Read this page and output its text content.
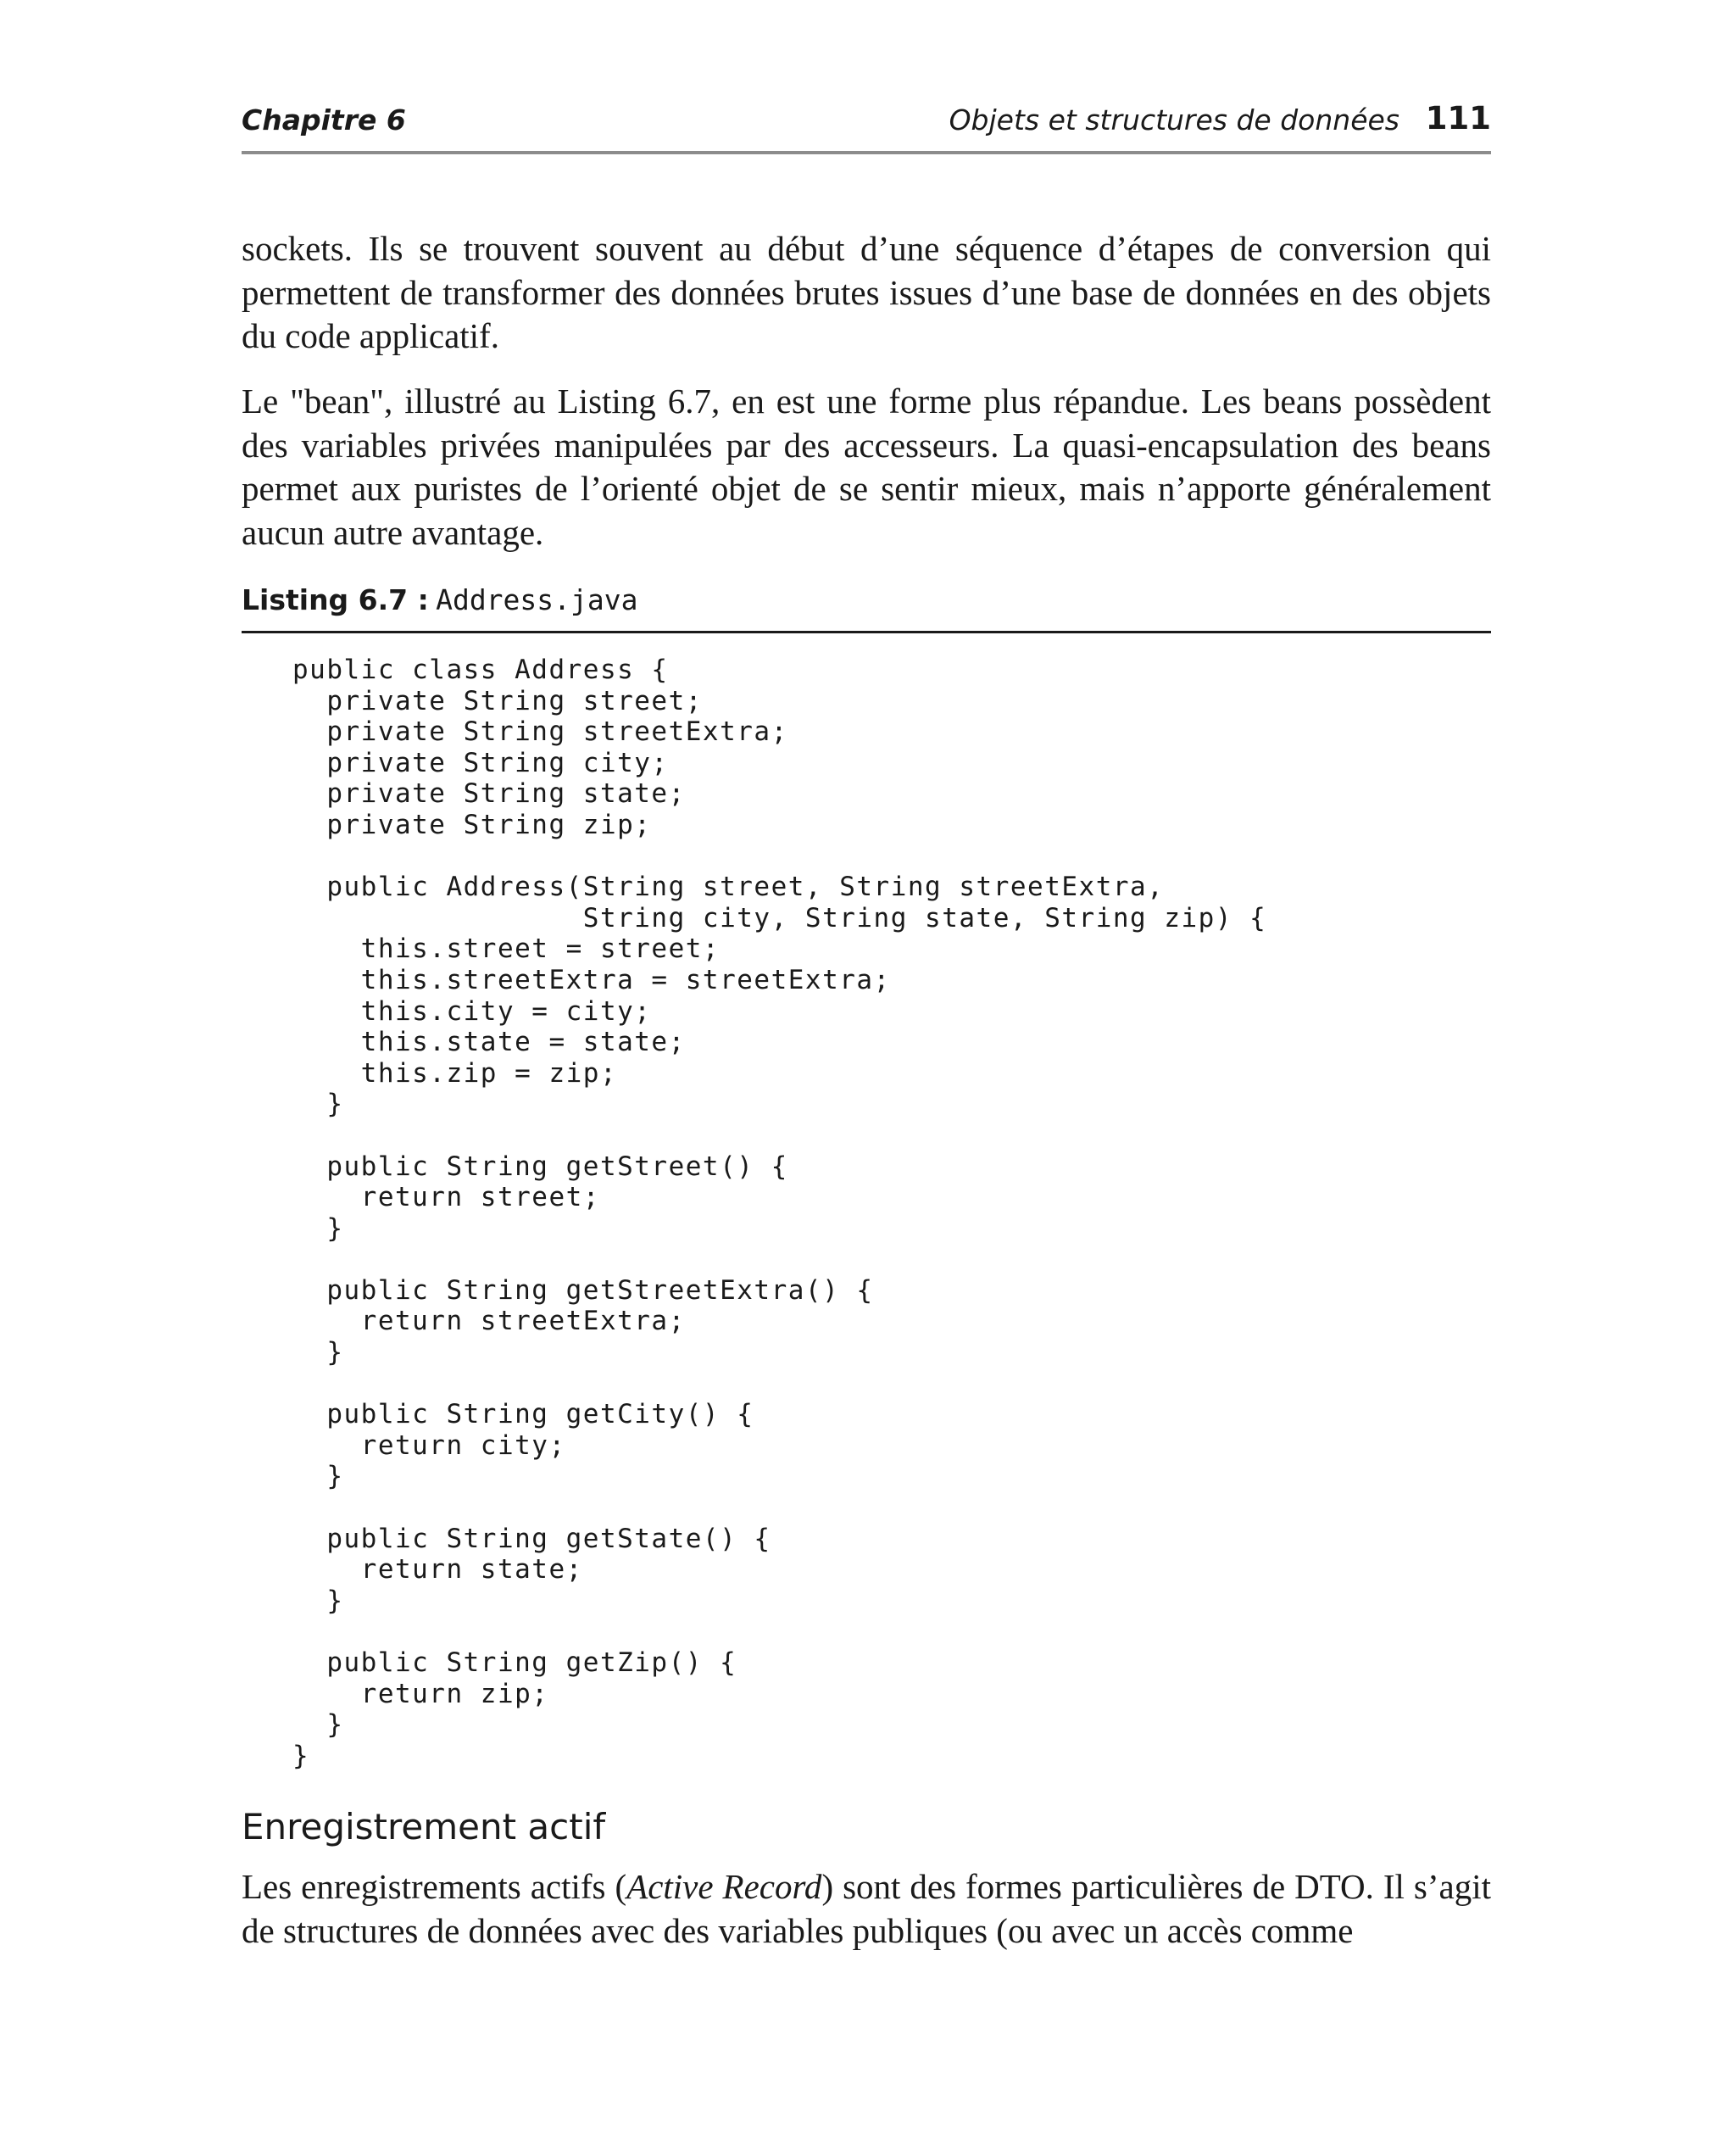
Chapitre 6	Objets et structures de données 111

sockets. Ils se trouvent souvent au début d’une séquence d’étapes de conversion qui permettent de transformer des données brutes issues d’une base de données en des objets du code applicatif.

Le "bean", illustré au Listing 6.7, en est une forme plus répandue. Les beans possèdent des variables privées manipulées par des accesseurs. La quasi-encapsulation des beans permet aux puristes de l’orienté objet de se sentir mieux, mais n’apporte généralement aucun autre avantage.

Listing 6.7 : Address.java
public class Address {
private String street;
private String streetExtra;
private String city;
private String state;
private String zip;

public Address(String street, String streetExtra,
String city, String state, String zip) {
this.street = street;
this.streetExtra = streetExtra;
this.city = city;
this.state = state;
this.zip = zip;
}

public String getStreet() {
return street;
}

public String getStreetExtra() {
return streetExtra;
}

public String getCity() {
return city;
}

public String getState() {
return state;
}

public String getZip() {
return zip;
}
}
Enregistrement actif

Les enregistrements actifs (Active Record) sont des formes particulières de DTO. Il s’agit de structures de données avec des variables publiques (ou avec un accès comme
